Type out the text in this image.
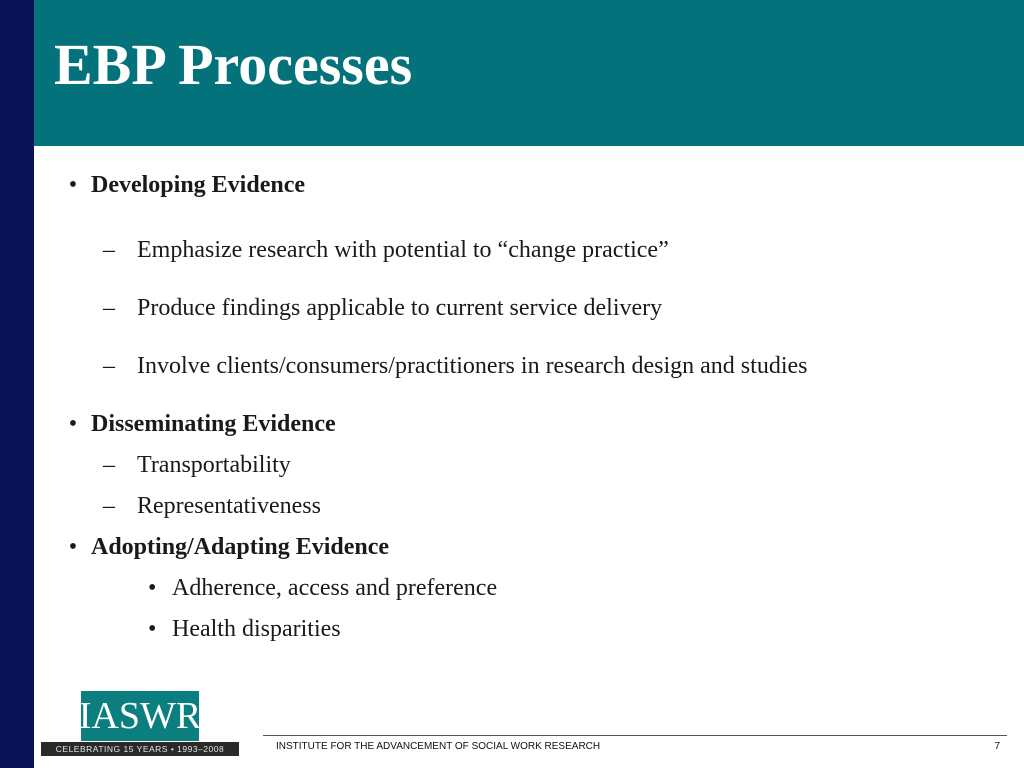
EBP Processes
• Developing Evidence
– Emphasize research with potential to “change practice”
– Produce findings applicable to current service delivery
– Involve clients/consumers/practitioners in research design and studies
• Disseminating Evidence
– Transportability
– Representativeness
• Adopting/Adapting Evidence
• Adherence, access and preference
• Health disparities
IASWR
CELEBRATING 15 YEARS • 1993–2008	INSTITUTE FOR THE ADVANCEMENT OF SOCIAL WORK RESEARCH	7
